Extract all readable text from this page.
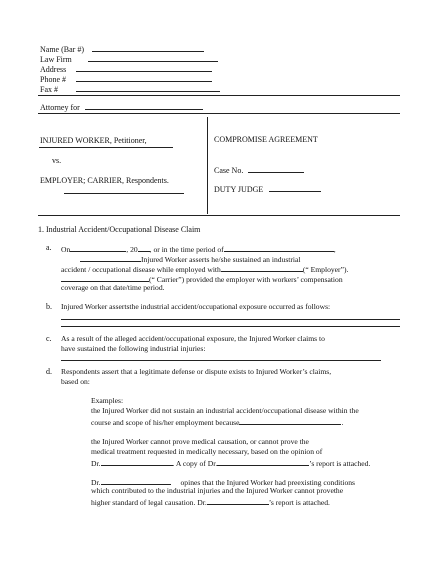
Name (Bar #)
Law Firm
Address
Phone #
Fax #
Attorney for
INJURED WORKER, Petitioner,
vs.
EMPLOYER; CARRIER, Respondents.
COMPROMISE AGREEMENT
Case No.
DUTY JUDGE
1. Industrial Accident/Occupational Disease Claim
a. On	, 20 , or in the time period of	,
Injured Worker asserts he/she sustained an industrial
accident / occupational disease while employed with	(“ Employer”).
(“ Carrier”) provided the employer with workers’ compensation
coverage on that date/time period.
b. Injured Worker assertsthe industrial accident/occupational exposure occurred as follows:
c. As a result of the alleged accident/occupational exposure, the Injured Worker claims to
have sustained the following industrial injuries:
d. Respondents assert that a legitimate defense or dispute exists to Injured Worker’s claims,
based on:
Examples:
the Injured Worker did not sustain an industrial accident/occupational disease within the
course and scope of his/her employment because	.
the Injured Worker cannot prove medical causation, or cannot prove the
medical treatment requested in medically necessary, based on the opinion of
Dr.	. A copy of Dr.	’s report is attached.
Dr.	opines that the Injured Worker had preexisting conditions
which contributed to the industrial injuries and the Injured Worker cannot provethe
higher standard of legal causation. Dr.	’s report is attached.
